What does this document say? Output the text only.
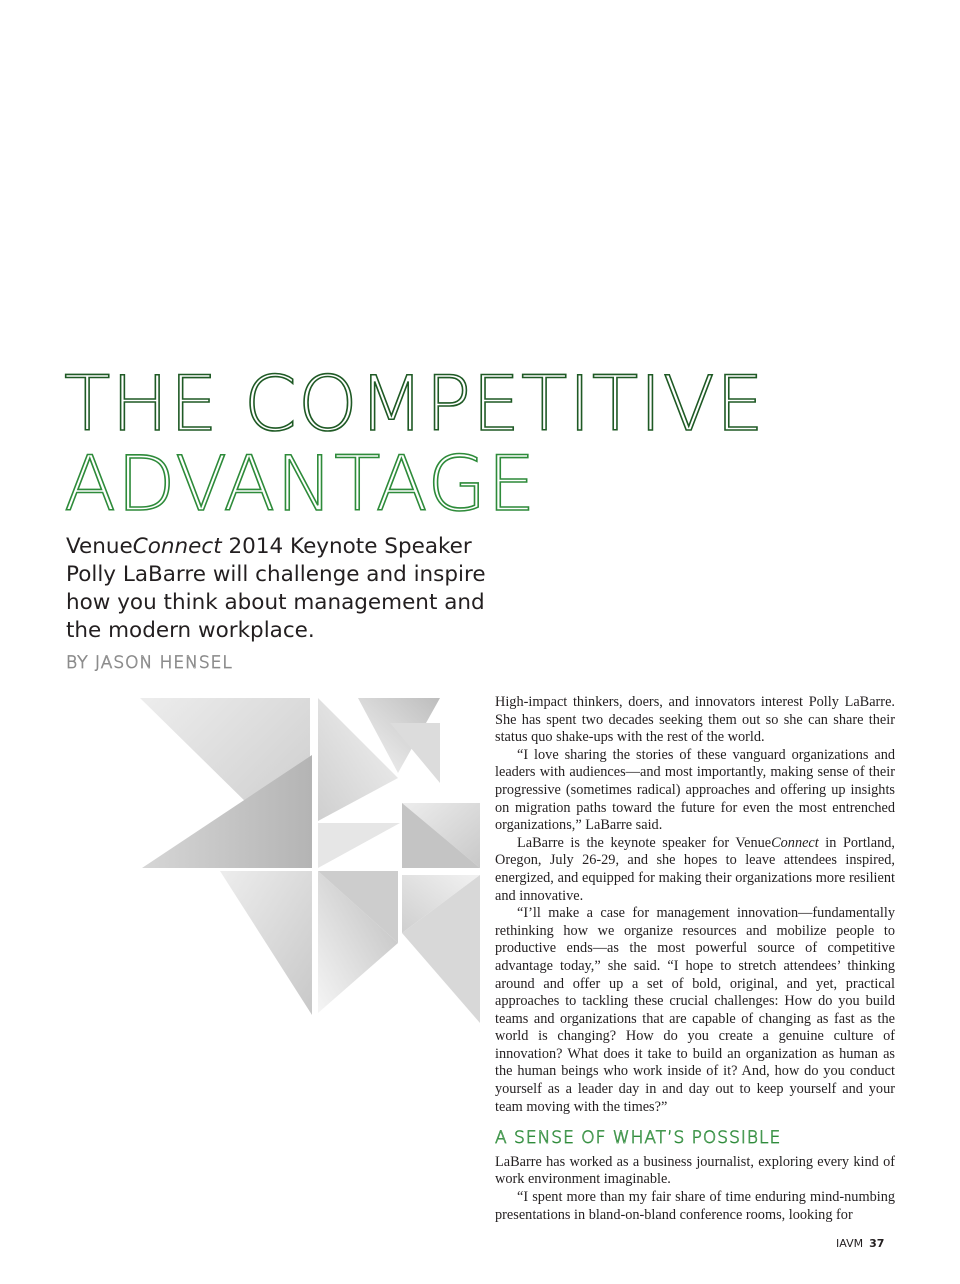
THE COMPETITIVE
ADVANTAGE

VenueConnect 2014 Keynote Speaker Polly LaBarre will challenge and inspire how you think about management and the modern workplace.

BY JASON HENSEL

High-impact thinkers, doers, and innovators interest Polly LaBarre. She has spent two decades seeking them out so she can share their status quo shake-ups with the rest of the world.

“I love sharing the stories of these vanguard organizations and leaders with audiences—and most importantly, making sense of their progressive (sometimes radical) approaches and offering up insights on migration paths toward the future for even the most entrenched organizations,” LaBarre said.

LaBarre is the keynote speaker for VenueConnect in Portland, Oregon, July 26-29, and she hopes to leave attendees inspired, energized, and equipped for making their organizations more resilient and innovative.

“I’ll make a case for management innovation—fundamentally rethinking how we organize resources and mobilize people to productive ends—as the most powerful source of competitive advantage today,” she said. “I hope to stretch attendees’ thinking around and offer up a set of bold, original, and yet, practical approaches to tackling these crucial challenges: How do you build teams and organizations that are capable of changing as fast as the world is changing? How do you create a genuine culture of innovation? What does it take to build an organization as human as the human beings who work inside of it? And, how do you conduct yourself as a leader day in and day out to keep yourself and your team moving with the times?”

A SENSE OF WHAT’S POSSIBLE

LaBarre has worked as a business journalist, exploring every kind of work environment imaginable.

“I spent more than my fair share of time enduring mind-numbing presentations in bland-on-bland conference rooms, looking for

IAVM 37
